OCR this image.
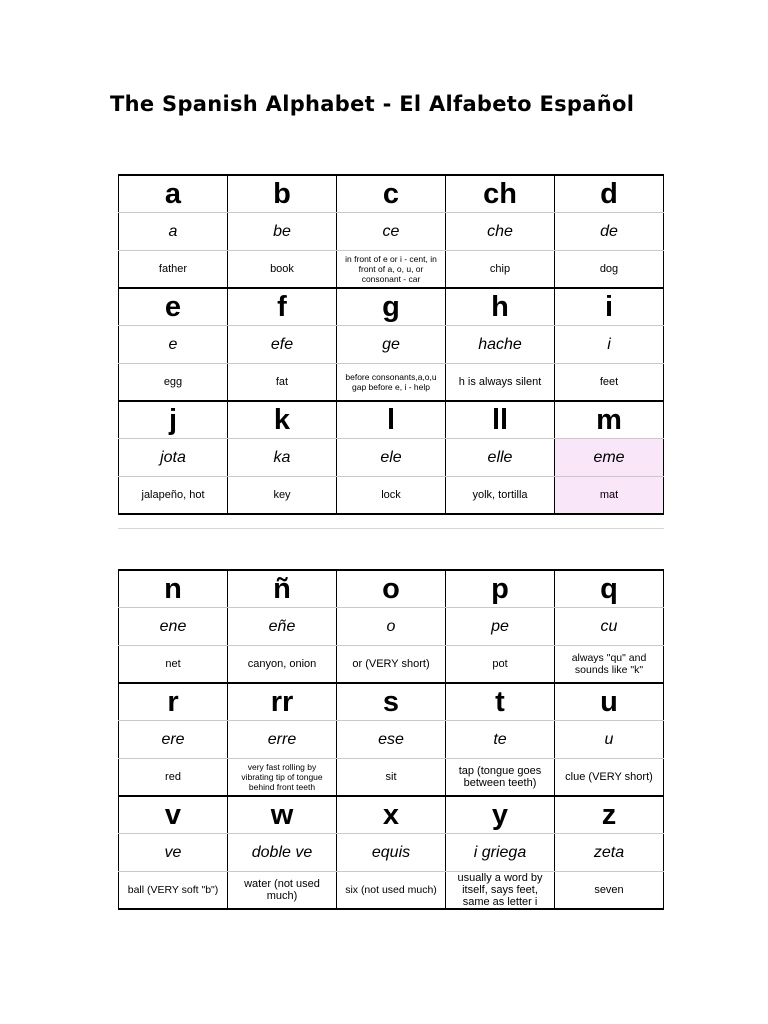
The Spanish Alphabet - El Alfabeto Español
a	b	c	ch	d
a	be	ce	che	de
father	book	in front of e or i - cent, in front of a, o, u, or consonant - car	chip	dog
e	f	g	h	i
e	efe	ge	hache	i
egg	fat	before consonants,a,o,u gap before e, i - help	h is always silent	feet
j	k	l	ll	m
jota	ka	ele	elle	eme
jalapeño, hot	key	lock	yolk, tortilla	mat
n	ñ	o	p	q
ene	eñe	o	pe	cu
net	canyon, onion	or (VERY short)	pot	always "qu" and sounds like "k"
r	rr	s	t	u
ere	erre	ese	te	u
red	very fast rolling by vibrating tip of tongue behind front teeth	sit	tap (tongue goes between teeth)	clue (VERY short)
v	w	x	y	z
ve	doble ve	equis	i griega	zeta
ball (VERY soft "b")	water (not used much)	six (not used much)	usually a word by itself, says feet, same as letter i	seven
